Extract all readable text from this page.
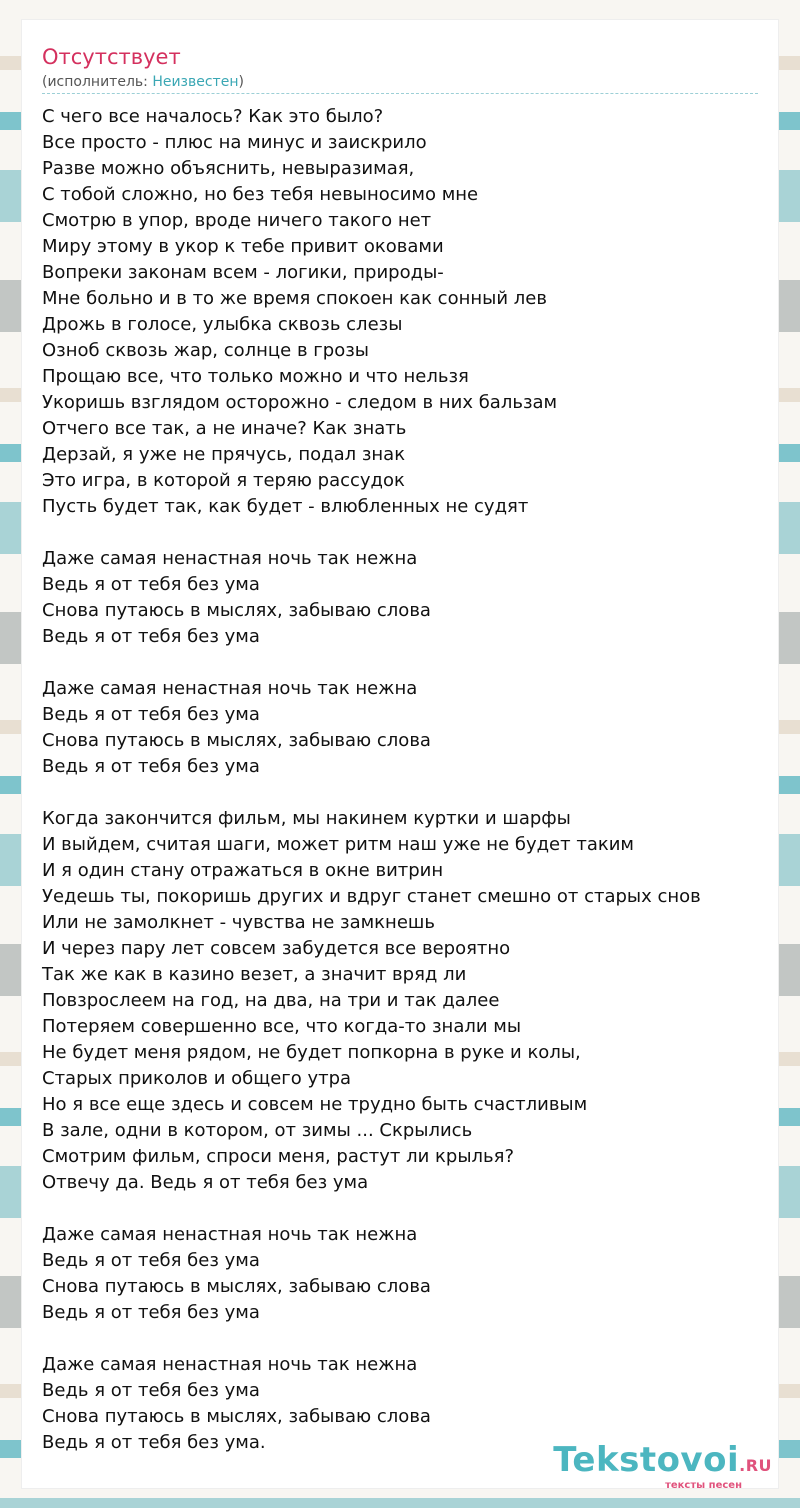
Отсутствует
(исполнитель: Неизвестен)
С чего все началось? Как это было?
Все просто - плюс на минус и заискрило
Разве можно объяснить, невыразимая,
С тобой сложно, но без тебя невыносимо мне
Смотрю в упор, вроде ничего такого нет
Миру этому в укор к тебе привит оковами
Вопреки законам всем - логики, природы-
Мне больно и в то же время спокоен как сонный лев
Дрожь в голосе, улыбка сквозь слезы
Озноб сквозь жар, солнце в грозы
Прощаю все, что только можно и что нельзя
Укоришь взглядом осторожно - следом в них бальзам
Отчего все так, а не иначе? Как знать
Дерзай, я уже не прячусь, подал знак
Это игра, в которой я теряю рассудок
Пусть будет так, как будет - влюбленных не судят
Даже самая ненастная ночь так нежна
Ведь я от тебя без ума
Снова путаюсь в мыслях, забываю слова
Ведь я от тебя без ума
Даже самая ненастная ночь так нежна
Ведь я от тебя без ума
Снова путаюсь в мыслях, забываю слова
Ведь я от тебя без ума
Когда закончится фильм, мы накинем куртки и шарфы
И выйдем, считая шаги, может ритм наш уже не будет таким
И я один стану отражаться в окне витрин
Уедешь ты, покоришь других и вдруг станет смешно от старых снов
Или не замолкнет - чувства не замкнешь
И через пару лет совсем забудется все вероятно
Так же как в казино везет, а значит вряд ли
Повзрослеем на год, на два, на три и так далее
Потеряем совершенно все, что когда-то знали мы
Не будет меня рядом, не будет попкорна в руке и колы,
Старых приколов и общего утра
Но я все еще здесь и совсем не трудно быть счастливым
В зале, одни в котором, от зимы ... Скрылись
Смотрим фильм, спроси меня, растут ли крылья?
Отвечу да. Ведь я от тебя без ума
Даже самая ненастная ночь так нежна
Ведь я от тебя без ума
Снова путаюсь в мыслях, забываю слова
Ведь я от тебя без ума
Даже самая ненастная ночь так нежна
Ведь я от тебя без ума
Снова путаюсь в мыслях, забываю слова
Ведь я от тебя без ума.	Tekstovoi.RU
тексты песен
